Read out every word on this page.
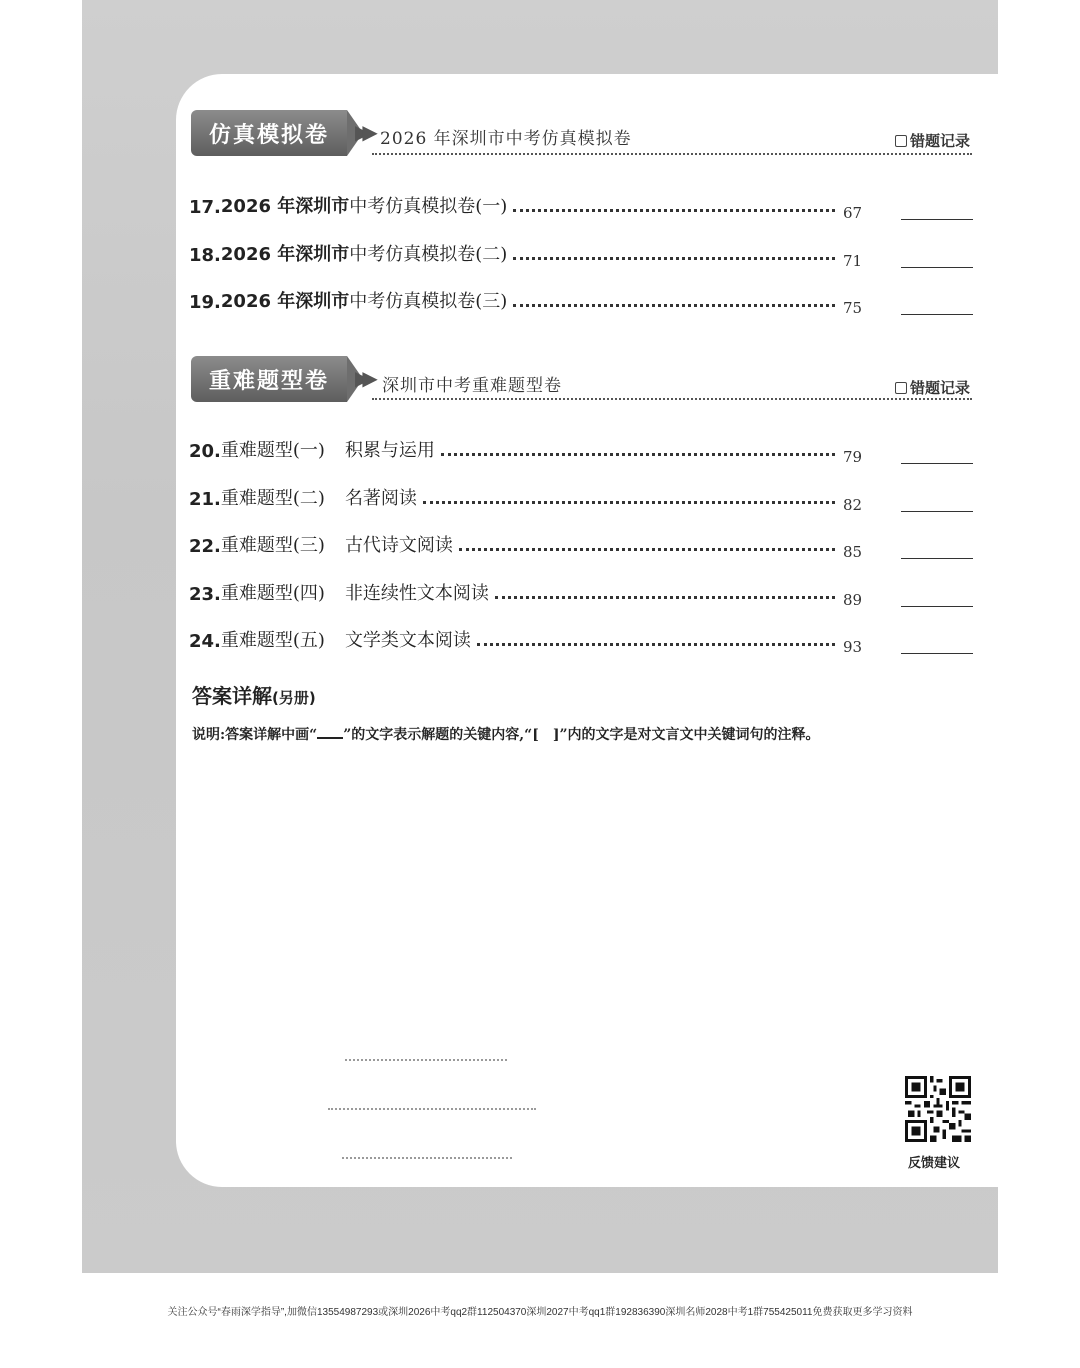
仿真模拟卷 ▶▶ 2026 年深圳市中考仿真模拟卷	错题记录
17. 2026 年深圳市 中考仿真模拟卷(一)	67
18. 2026 年深圳市 中考仿真模拟卷(二)	71
19. 2026 年深圳市 中考仿真模拟卷(三)	75
重难题型卷 ▶▶ 深圳市中考重难题型卷	错题记录
20. 重难题型(一) 积累与运用	79
21. 重难题型(二) 名著阅读	82
22. 重难题型(三) 古代诗文阅读	85
23. 重难题型(四) 非连续性文本阅读	89
24. 重难题型(五) 文学类文本阅读	93
答案详解(另册)
说明:答案详解中画“ ”的文字表示解题的关键内容,“[　]”内的文字是对文言文中关键词句的注释。
反馈建议
关注公众号“春雨深学指导”,加微信13554987293或深圳2026中考qq2群112504370深圳2027中考qq1群192836390深圳名师2028中考1群755425011免费获取更多学习资料
